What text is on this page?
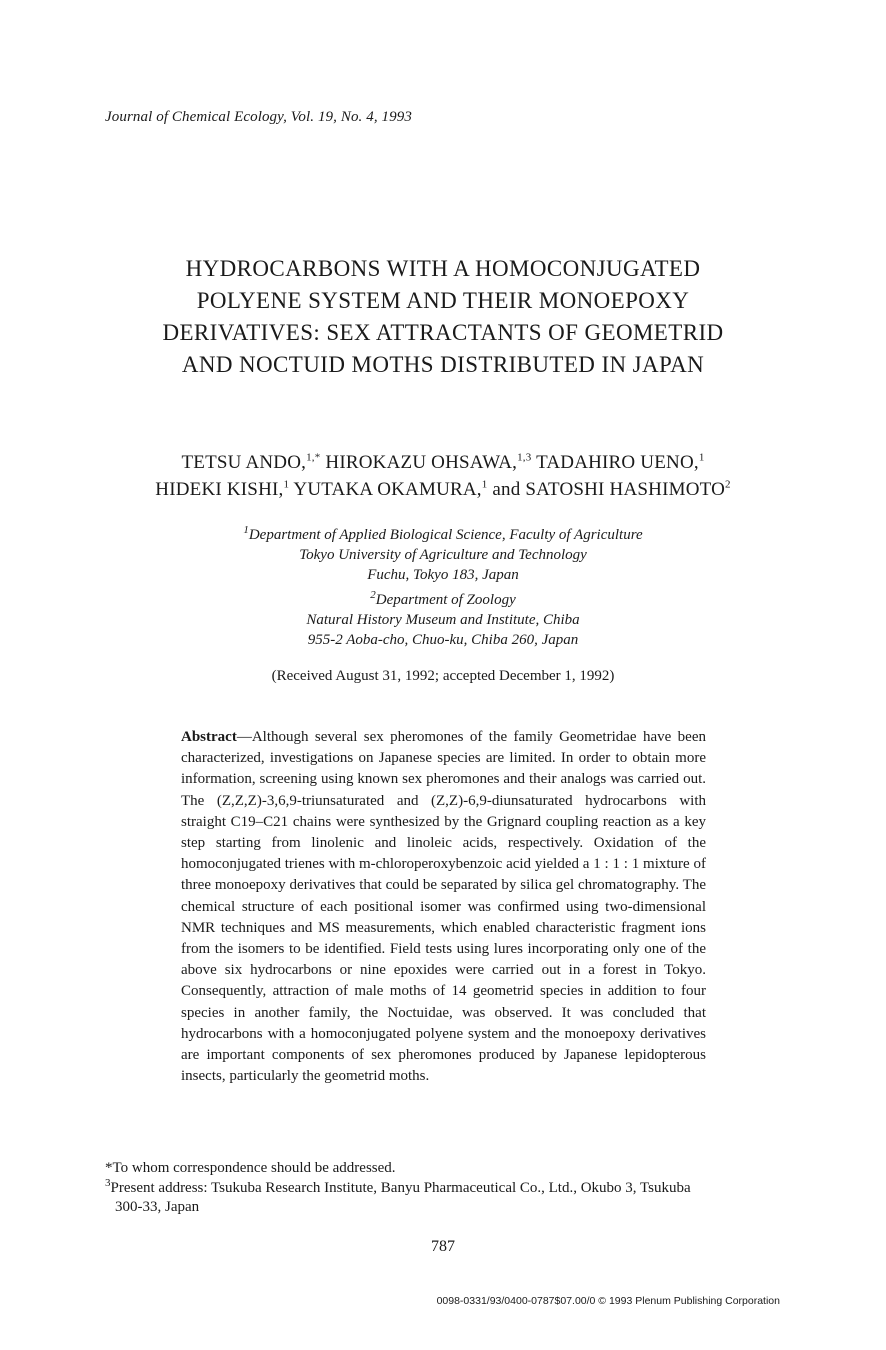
Journal of Chemical Ecology, Vol. 19, No. 4, 1993
HYDROCARBONS WITH A HOMOCONJUGATED
POLYENE SYSTEM AND THEIR MONOEPOXY
DERIVATIVES: SEX ATTRACTANTS OF GEOMETRID
AND NOCTUID MOTHS DISTRIBUTED IN JAPAN
TETSU ANDO,$^{1,*}$ HIROKAZU OHSAWA,$^{1,3}$ TADAHIRO UENO,$^1$
HIDEKI KISHI,$^1$ YUTAKA OKAMURA,$^1$ and SATOSHI HASHIMOTO$^2$
$^1$Department of Applied Biological Science, Faculty of Agriculture
Tokyo University of Agriculture and Technology
Fuchu, Tokyo 183, Japan
$^2$Department of Zoology
Natural History Museum and Institute, Chiba
955-2 Aoba-cho, Chuo-ku, Chiba 260, Japan
(Received August 31, 1992; accepted December 1, 1992)
Abstract—Although several sex pheromones of the family Geometridae have been characterized, investigations on Japanese species are limited. In order to obtain more information, screening using known sex pheromones and their analogs was carried out. The (Z,Z,Z)-3,6,9-triunsaturated and (Z,Z)-6,9-diunsaturated hydrocarbons with straight C19–C21 chains were synthesized by the Grignard coupling reaction as a key step starting from linolenic and linoleic acids, respectively. Oxidation of the homoconjugated trienes with m-chloroperoxybenzoic acid yielded a 1 : 1 : 1 mixture of three monoepoxy derivatives that could be separated by silica gel chromatography. The chemical structure of each positional isomer was confirmed using two-dimensional NMR techniques and MS measurements, which enabled characteristic fragment ions from the isomers to be identified. Field tests using lures incorporating only one of the above six hydrocarbons or nine epoxides were carried out in a forest in Tokyo. Consequently, attraction of male moths of 14 geometrid species in addition to four species in another family, the Noctuidae, was observed. It was concluded that hydrocarbons with a homoconjugated polyene system and the monoepoxy derivatives are important components of sex pheromones produced by Japanese lepidopterous insects, particularly the geometrid moths.
*To whom correspondence should be addressed.
$^3$Present address: Tsukuba Research Institute, Banyu Pharmaceutical Co., Ltd., Okubo 3, Tsukuba
300-33, Japan
787
0098-0331/93/0400-0787$07.00/0 © 1993 Plenum Publishing Corporation
